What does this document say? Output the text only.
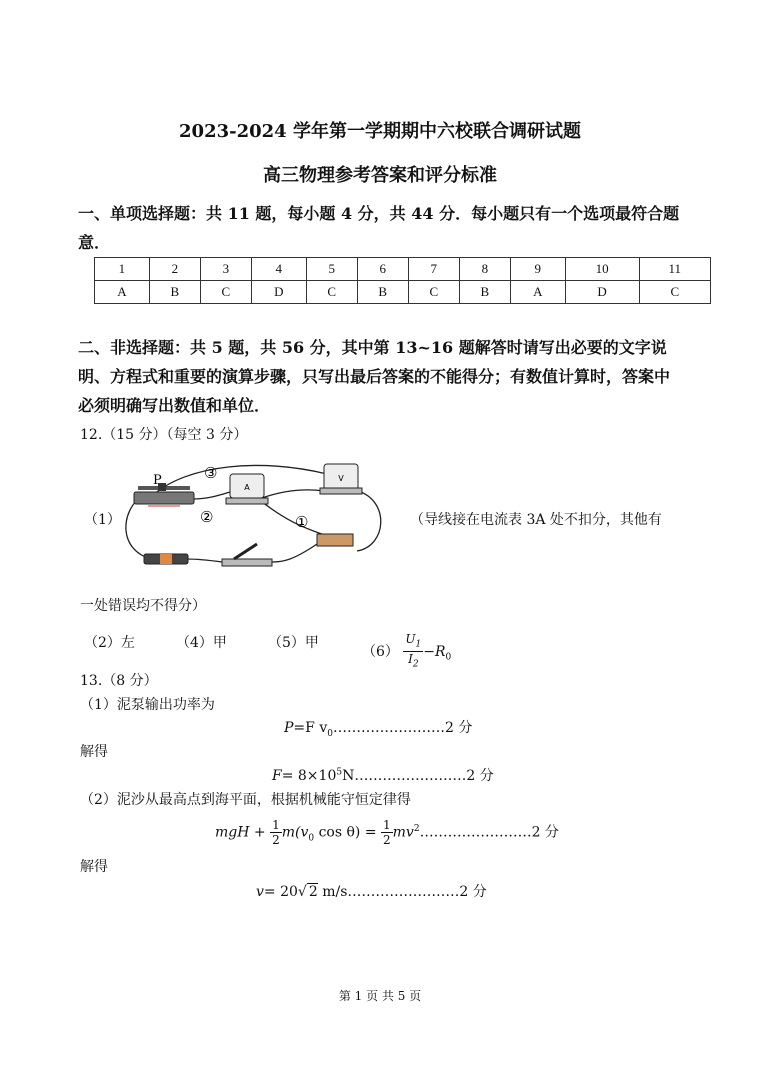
2023-2024 学年第一学期期中六校联合调研试题
高三物理参考答案和评分标准
一、单项选择题：共 11 题，每小题 4 分，共 44 分．每小题只有一个选项最符合题意．
1	2	3	4	5	6	7	8	9	10	11
A	B	C	D	C	B	C	B	A	D	C
二、非选择题：共 5 题，共 56 分，其中第 13~16 题解答时请写出必要的文字说明、方程式和重要的演算步骤，只写出最后答案的不能得分；有数值计算时，答案中必须明确写出数值和单位．
12.（15 分）（每空 3 分）
（1）
A
V
P	③
②	①	（导线接在电流表 3A 处不扣分，其他有
一处错误均不得分）
（2）左	（4）甲	（5）甲
$(6) \frac{U_1}{I_2} -R_0$
13.（8 分）
（1）泥泵输出功率为
P=F $v_0\dots\dots\dots\dots\dots\dots\dots\dots 2$ 分
解得
$F= 8\times 10^5N\dots\dots\dots\dots\dots\dots\dots\dots 2$ 分
（2）泥沙从最高点到海平面，根据机械能守恒定律得
mgH + $\frac{1}{2} m(v_0$ $\cos \theta) = \frac{1}{2}$ $mv^2\dots\dots\dots\dots\dots\dots\dots\dots 2$ 分
解得
v= 20√ 2 m/s……………………2 分
第 1 页 共 5 页
